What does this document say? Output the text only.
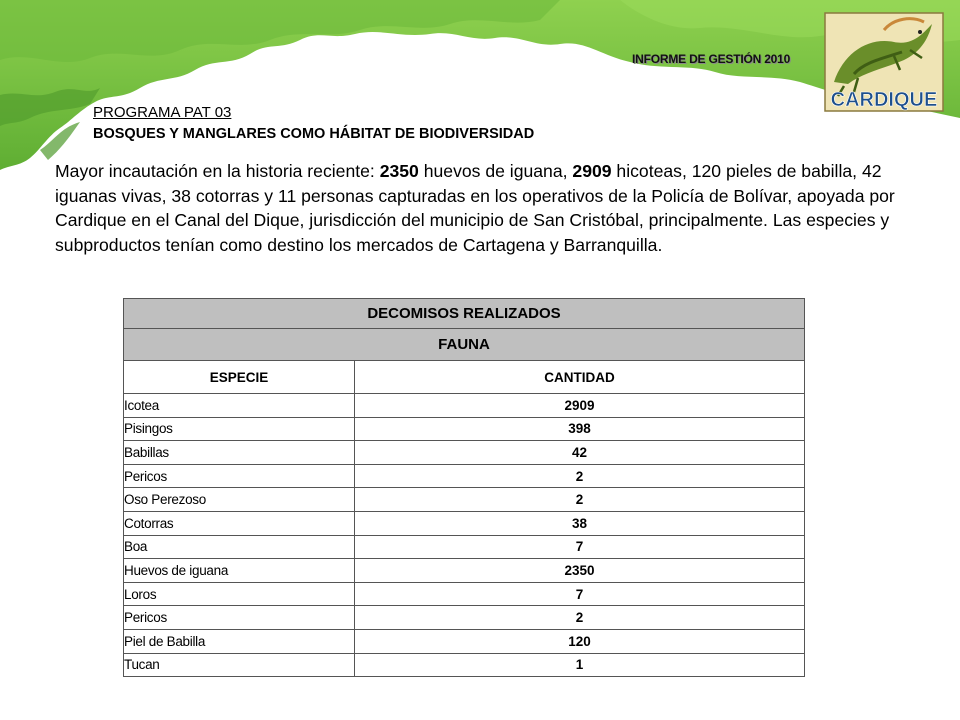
INFORME DE GESTIÓN 2010
CARDIQUE
PROGRAMA PAT 03
BOSQUES Y MANGLARES COMO HÁBITAT DE BIODIVERSIDAD

Mayor incautación en la historia reciente: 2350 huevos de iguana, 2909 hicoteas, 120 pieles de babilla, 42 iguanas vivas, 38 cotorras y 11 personas capturadas en los operativos de la Policía de Bolívar, apoyada por Cardique en el Canal del Dique, jurisdicción del municipio de San Cristóbal, principalmente. Las especies y subproductos tenían como destino los mercados de Cartagena y Barranquilla.

DECOMISOS REALIZADOS	
FAUNA	
ESPECIE	CANTIDAD
Icotea	2909
Pisingos	398
Babillas	42
Pericos	2
Oso Perezoso	2
Cotorras	38
Boa	7
Huevos de iguana	2350
Loros	7
Pericos	2
Piel de Babilla	120
Tucan	1
